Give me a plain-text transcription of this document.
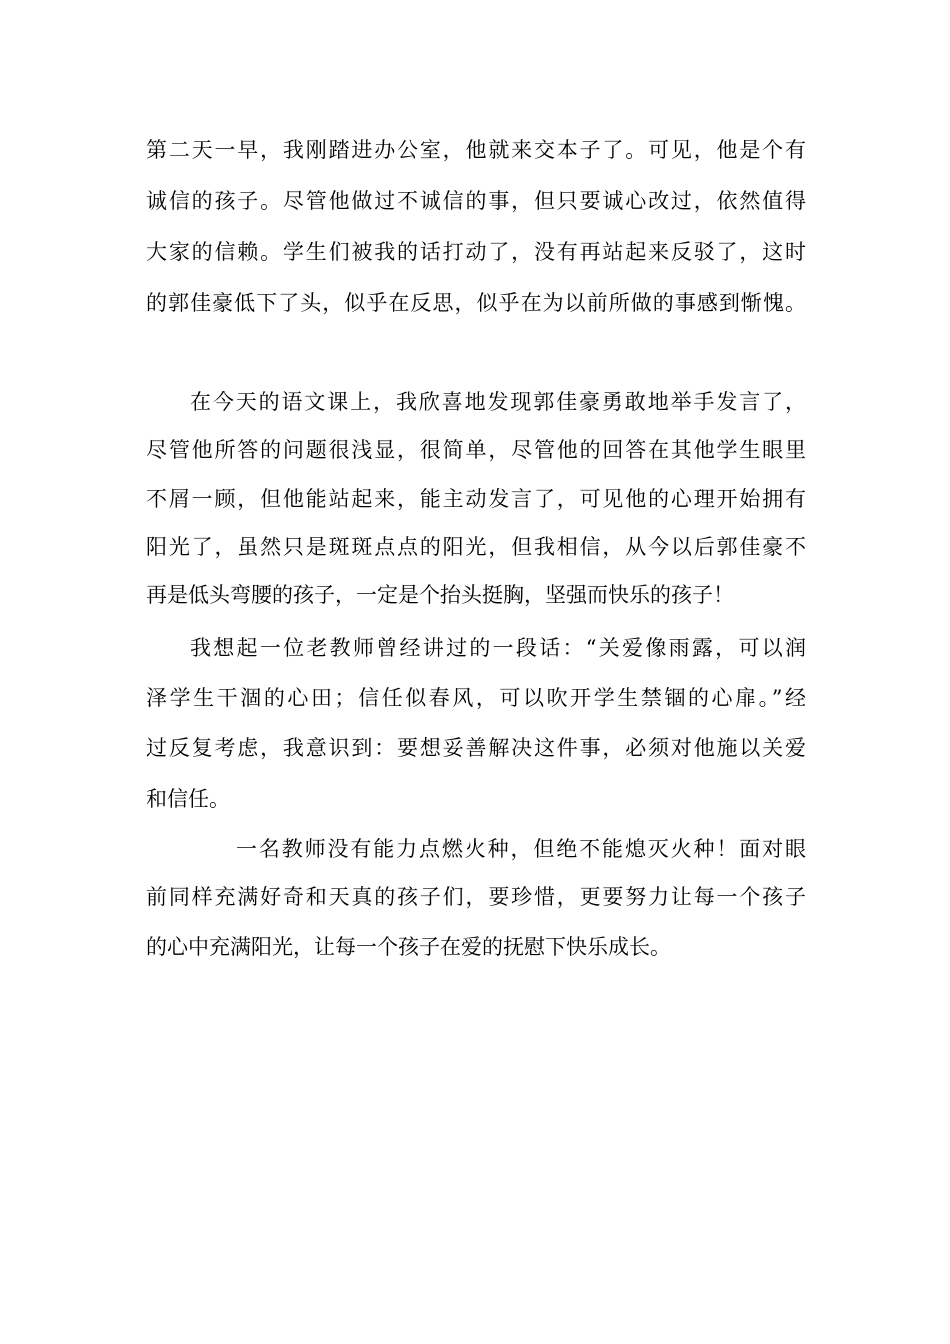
第二天一早，我刚踏进办公室，他就来交本子了。可见，他是个有
诚信的孩子。尽管他做过不诚信的事，但只要诚心改过，依然值得
大家的信赖。学生们被我的话打动了，没有再站起来反驳了，这时
的郭佳豪低下了头，似乎在反思，似乎在为以前所做的事感到惭愧。
在今天的语文课上，我欣喜地发现郭佳豪勇敢地举手发言了，
尽管他所答的问题很浅显，很简单，尽管他的回答在其他学生眼里
不屑一顾，但他能站起来，能主动发言了，可见他的心理开始拥有
阳光了，虽然只是斑斑点点的阳光，但我相信，从今以后郭佳豪不
再是低头弯腰的孩子，一定是个抬头挺胸，坚强而快乐的孩子！
我想起一位老教师曾经讲过的一段话：“关爱像雨露，可以润
泽学生干涸的心田；信任似春风，可以吹开学生禁锢的心扉。”经
过反复考虑，我意识到：要想妥善解决这件事，必须对他施以关爱
和信任。
一名教师没有能力点燃火种，但绝不能熄灭火种！面对眼
前同样充满好奇和天真的孩子们，要珍惜，更要努力让每一个孩子
的心中充满阳光，让每一个孩子在爱的抚慰下快乐成长。
